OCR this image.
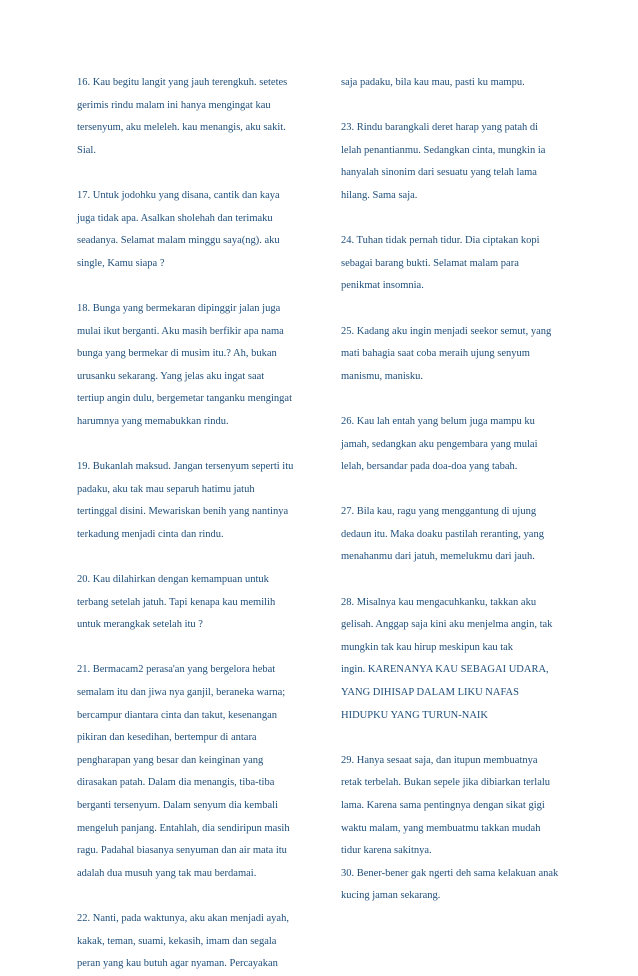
16. Kau begitu langit yang jauh terengkuh. setetes
gerimis rindu malam ini hanya mengingat kau
tersenyum, aku meleleh. kau menangis, aku sakit.
Sial.
17. Untuk jodohku yang disana, cantik dan kaya
juga tidak apa. Asalkan sholehah dan terimaku
seadanya. Selamat malam minggu saya(ng). aku
single, Kamu siapa ?
18. Bunga yang bermekaran dipinggir jalan juga
mulai ikut berganti. Aku masih berfikir apa nama
bunga yang bermekar di musim itu.? Ah, bukan
urusanku sekarang. Yang jelas aku ingat saat
tertiup angin dulu, bergemetar tanganku mengingat
harumnya yang memabukkan rindu.
19. Bukanlah maksud. Jangan tersenyum seperti itu
padaku, aku tak mau separuh hatimu jatuh
tertinggal disini. Mewariskan benih yang nantinya
terkadung menjadi cinta dan rindu.
20. Kau dilahirkan dengan kemampuan untuk
terbang setelah jatuh. Tapi kenapa kau memilih
untuk merangkak setelah itu ?
21. Bermacam2 perasa'an yang bergelora hebat
semalam itu dan jiwa nya ganjil, beraneka warna;
bercampur diantara cinta dan takut, kesenangan
pikiran dan kesedihan, bertempur di antara
pengharapan yang besar dan keinginan yang
dirasakan patah. Dalam dia menangis, tiba-tiba
berganti tersenyum. Dalam senyum dia kembali
mengeluh panjang. Entahlah, dia sendiripun masih
ragu. Padahal biasanya senyuman dan air mata itu
adalah dua musuh yang tak mau berdamai.
22. Nanti, pada waktunya, aku akan menjadi ayah,
kakak, teman, suami, kekasih, imam dan segala
peran yang kau butuh agar nyaman. Percayakan
saja padaku, bila kau mau, pasti ku mampu.
23. Rindu barangkali deret harap yang patah di
lelah penantianmu. Sedangkan cinta, mungkin ia
hanyalah sinonim dari sesuatu yang telah lama
hilang. Sama saja.
24. Tuhan tidak pernah tidur. Dia ciptakan kopi
sebagai barang bukti. Selamat malam para
penikmat insomnia.
25. Kadang aku ingin menjadi seekor semut, yang
mati bahagia saat coba meraih ujung senyum
manismu, manisku.
26. Kau lah entah yang belum juga mampu ku
jamah, sedangkan aku pengembara yang mulai
lelah, bersandar pada doa-doa yang tabah.
27. Bila kau, ragu yang menggantung di ujung
dedaun itu. Maka doaku pastilah reranting, yang
menahanmu dari jatuh, memelukmu dari jauh.
28. Misalnya kau mengacuhkanku, takkan aku
gelisah. Anggap saja kini aku menjelma angin, tak
mungkin tak kau hirup meskipun kau tak
ingin. KARENANYA KAU SEBAGAI UDARA,
YANG DIHISAP DALAM LIKU NAFAS
HIDUPKU YANG TURUN-NAIK
29. Hanya sesaat saja, dan itupun membuatnya
retak terbelah. Bukan sepele jika dibiarkan terlalu
lama. Karena sama pentingnya dengan sikat gigi
waktu malam, yang membuatmu takkan mudah
tidur karena sakitnya.
30. Bener-bener gak ngerti deh sama kelakuan anak
kucing jaman sekarang.
